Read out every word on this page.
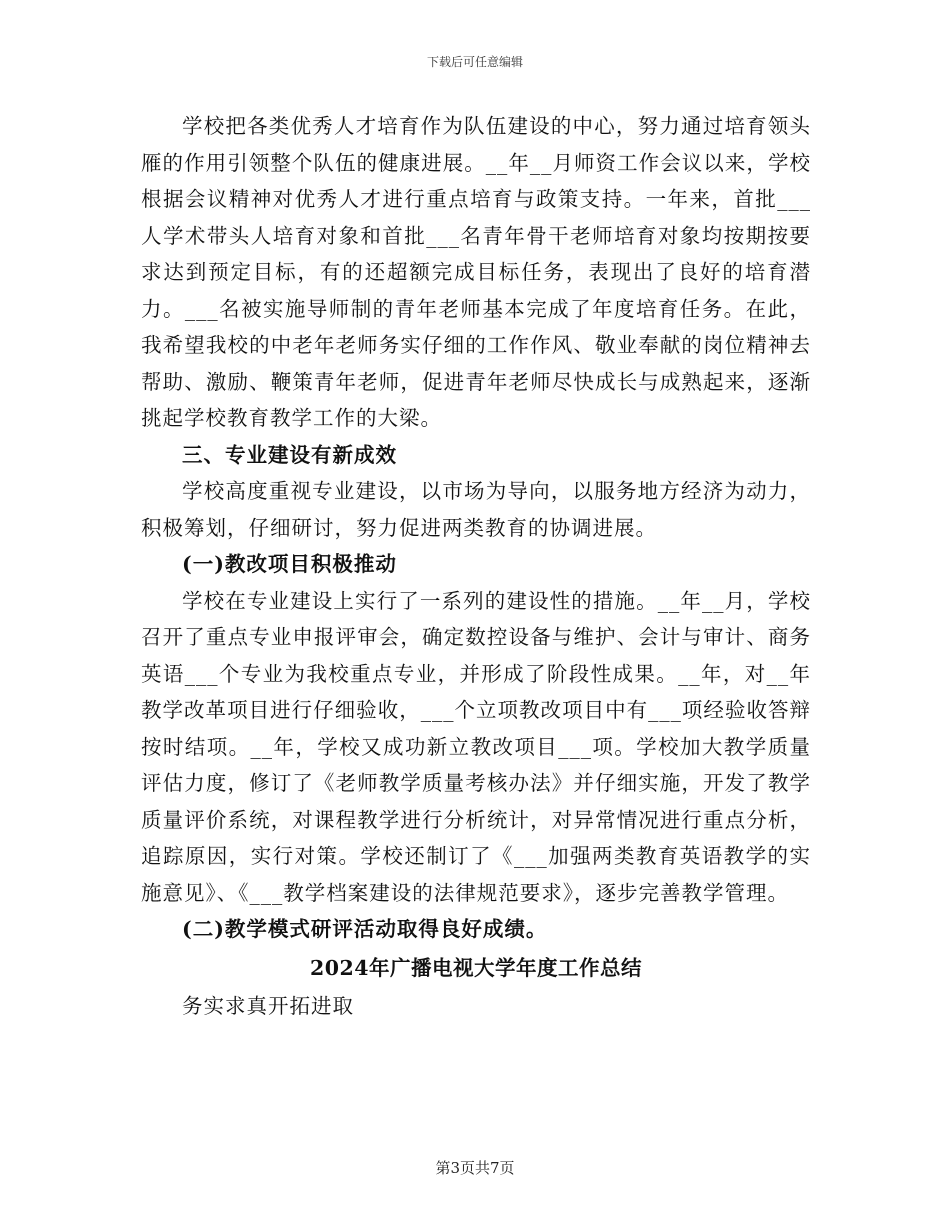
下载后可任意编辑

学校把各类优秀人才培育作为队伍建设的中心，努力通过培育领头雁的作用引领整个队伍的健康进展。__年__月师资工作会议以来，学校根据会议精神对优秀人才进行重点培育与政策支持。一年来，首批___人学术带头人培育对象和首批___名青年骨干老师培育对象均按期按要求达到预定目标，有的还超额完成目标任务，表现出了良好的培育潜力。___名被实施导师制的青年老师基本完成了年度培育任务。在此，我希望我校的中老年老师务实仔细的工作作风、敬业奉献的岗位精神去帮助、激励、鞭策青年老师，促进青年老师尽快成长与成熟起来，逐渐挑起学校教育教学工作的大梁。

三、专业建设有新成效

学校高度重视专业建设，以市场为导向，以服务地方经济为动力，积极筹划，仔细研讨，努力促进两类教育的协调进展。

(一)教改项目积极推动

学校在专业建设上实行了一系列的建设性的措施。__年__月，学校召开了重点专业申报评审会，确定数控设备与维护、会计与审计、商务英语___个专业为我校重点专业，并形成了阶段性成果。__年，对__年教学改革项目进行仔细验收，___个立项教改项目中有___项经验收答辩按时结项。__年，学校又成功新立教改项目___项。学校加大教学质量评估力度，修订了《老师教学质量考核办法》并仔细实施，开发了教学质量评价系统，对课程教学进行分析统计，对异常情况进行重点分析，追踪原因，实行对策。学校还制订了《___加强两类教育英语教学的实施意见》、《___教学档案建设的法律规范要求》，逐步完善教学管理。

(二)教学模式研评活动取得良好成绩。

2024年广播电视大学年度工作总结

务实求真开拓进取

第3页共7页
